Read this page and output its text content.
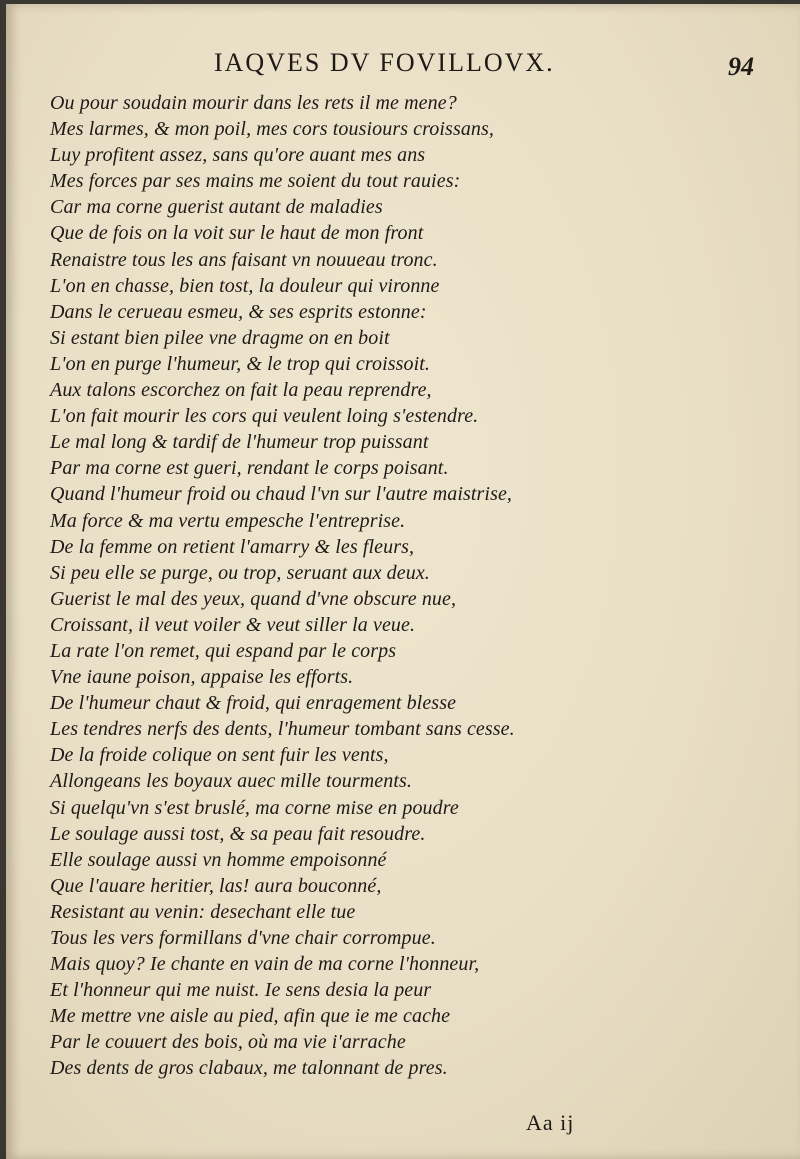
IAQVES DV FOVILLOVX.	94
Ou pour soudain mourir dans les rets il me mene?
Mes larmes, & mon poil, mes cors tousiours croissans,
Luy profitent assez, sans qu'ore auant mes ans
Mes forces par ses mains me soient du tout rauies:
Car ma corne guerist autant de maladies
Que de fois on la voit sur le haut de mon front
Renaistre tous les ans faisant vn nouueau tronc.
L'on en chasse, bien tost, la douleur qui vironne
Dans le cerueau esmeu, & ses esprits estonne:
Si estant bien pilee vne dragme on en boit
L'on en purge l'humeur, & le trop qui croissoit.
Aux talons escorchez on fait la peau reprendre,
L'on fait mourir les cors qui veulent loing s'estendre.
Le mal long & tardif de l'humeur trop puissant
Par ma corne est gueri, rendant le corps poisant.
Quand l'humeur froid ou chaud l'vn sur l'autre maistrise,
Ma force & ma vertu empesche l'entreprise.
De la femme on retient l'amarry & les fleurs,
Si peu elle se purge, ou trop, seruant aux deux.
Guerist le mal des yeux, quand d'vne obscure nue,
Croissant, il veut voiler & veut siller la veue.
La rate l'on remet, qui espand par le corps
Vne iaune poison, appaise les efforts.
De l'humeur chaut & froid, qui enragement blesse
Les tendres nerfs des dents, l'humeur tombant sans cesse.
De la froide colique on sent fuir les vents,
Allongeans les boyaux auec mille tourments.
Si quelqu'vn s'est bruslé, ma corne mise en poudre
Le soulage aussi tost, & sa peau fait resoudre.
Elle soulage aussi vn homme empoisonné
Que l'auare heritier, las! aura bouconné,
Resistant au venin: desechant elle tue
Tous les vers formillans d'vne chair corrompue.
Mais quoy? Ie chante en vain de ma corne l'honneur,
Et l'honneur qui me nuist. Ie sens desia la peur
Me mettre vne aisle au pied, afin que ie me cache
Par le couuert des bois, où ma vie i'arrache
Des dents de gros clabaux, me talonnant de pres.
Aa ij
